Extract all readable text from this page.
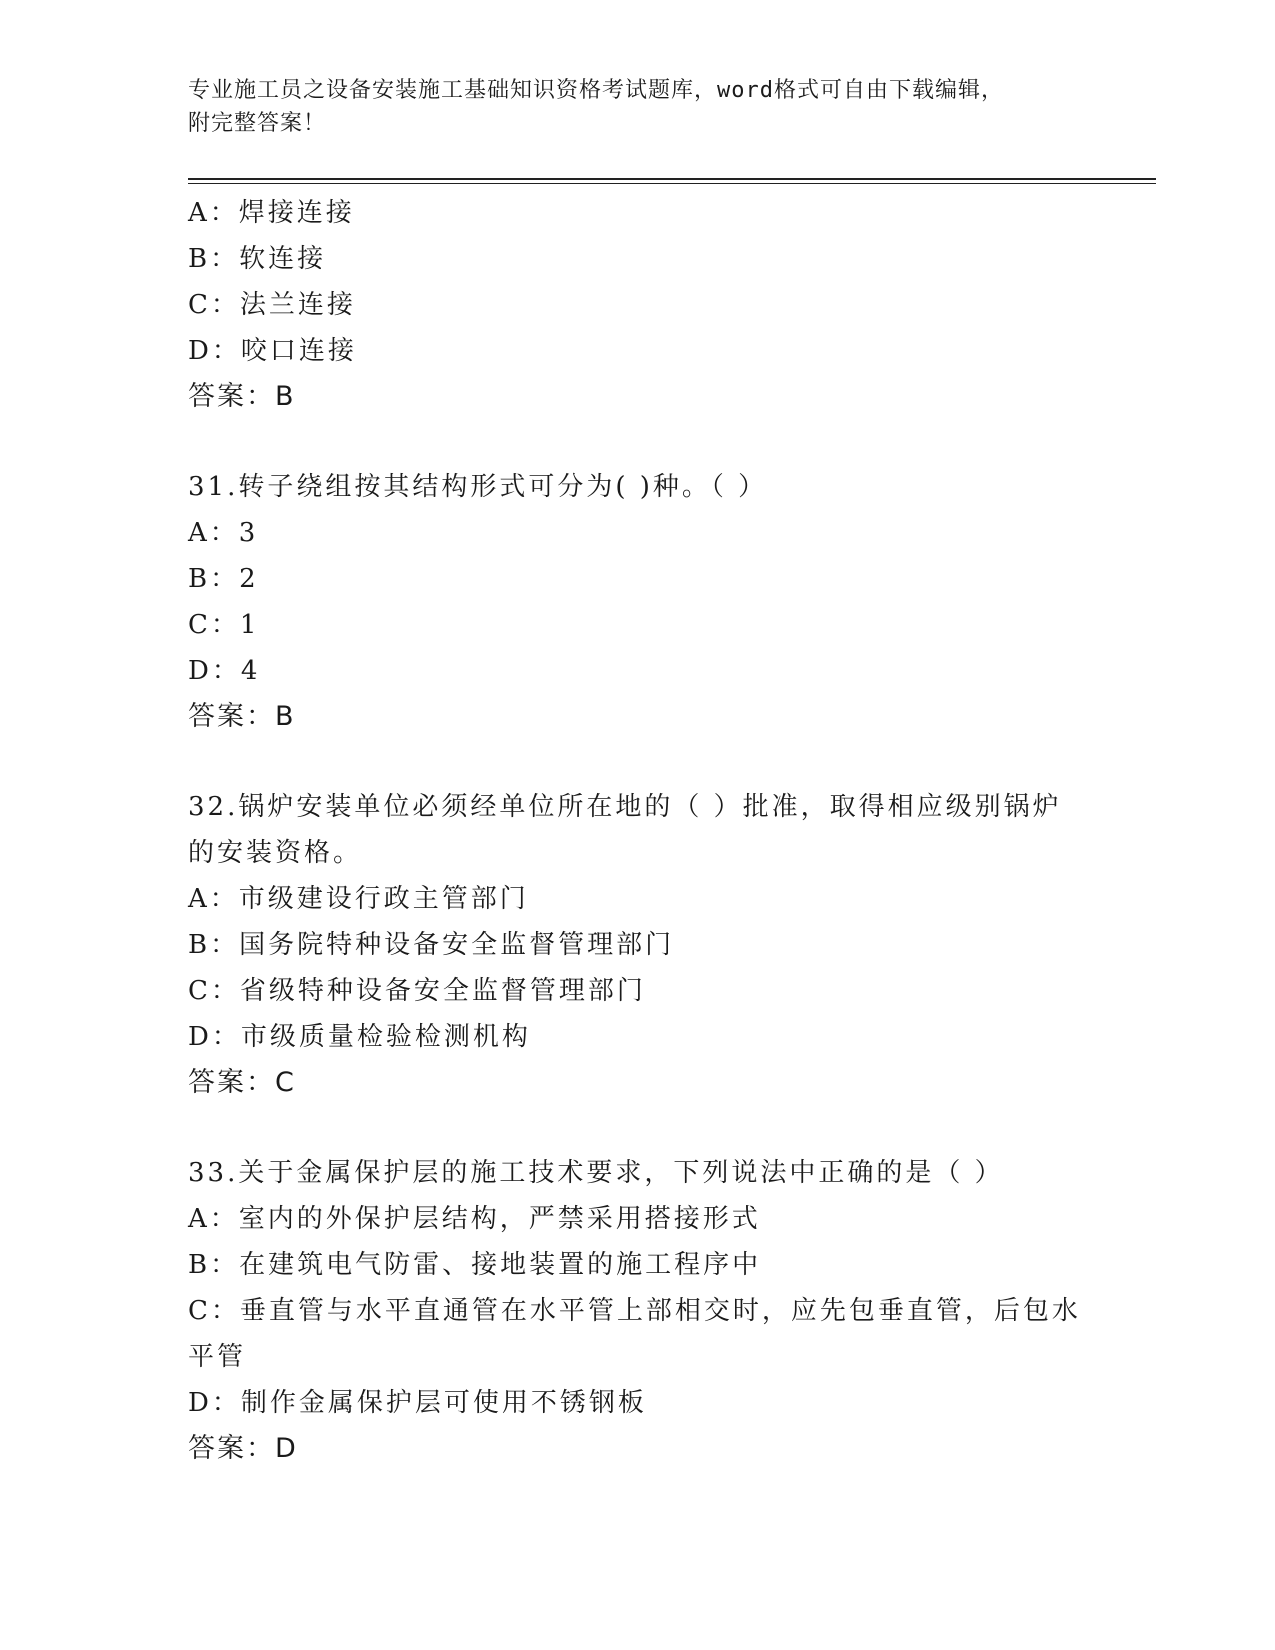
专业施工员之设备安装施工基础知识资格考试题库，word格式可自由下载编辑，
附完整答案！
A：焊接连接
B：软连接
C：法兰连接
D：咬口连接
答案：B
31.转子绕组按其结构形式可分为( )种。（ ）
A：3
B：2
C：1
D：4
答案：B
32.锅炉安装单位必须经单位所在地的（ ）批准，取得相应级别锅炉
的安装资格。
A：市级建设行政主管部门
B：国务院特种设备安全监督管理部门
C：省级特种设备安全监督管理部门
D：市级质量检验检测机构
答案：C
33.关于金属保护层的施工技术要求，下列说法中正确的是（ ）
A：室内的外保护层结构，严禁采用搭接形式
B：在建筑电气防雷、接地装置的施工程序中
C：垂直管与水平直通管在水平管上部相交时，应先包垂直管，后包水
平管
D：制作金属保护层可使用不锈钢板
答案：D
